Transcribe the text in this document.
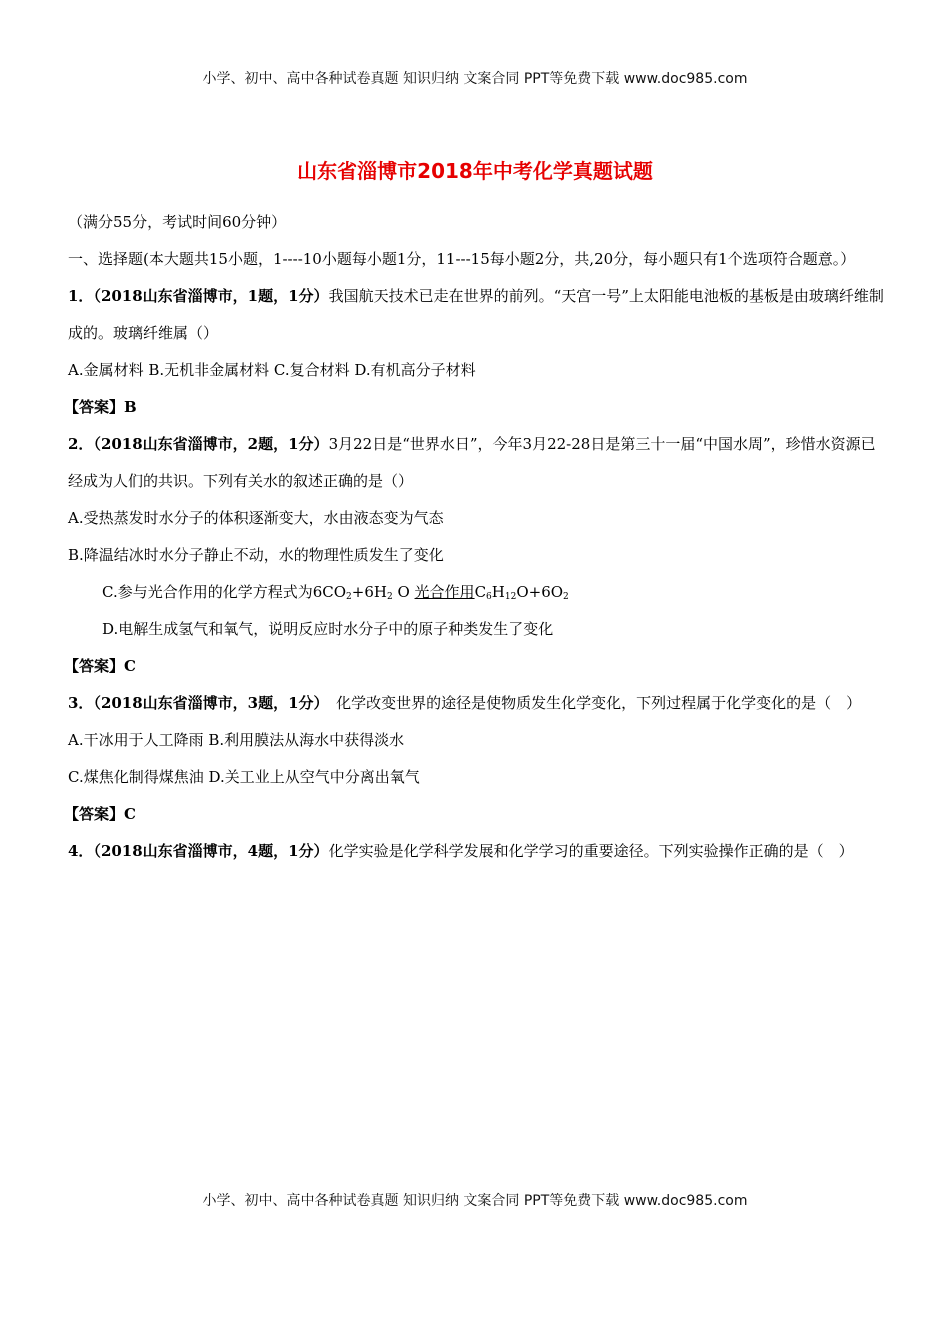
小学、初中、高中各种试卷真题 知识归纳 文案合同 PPT等免费下载 www.doc985.com
山东省淄博市2018年中考化学真题试题
（满分55分，考试时间60分钟）
一、选择题(本大题共15小题，1----10小题每小题1分，11---15每小题2分，共,20分，每小题只有1个选项符合题意。）
1．（2018山东省淄博市，1题，1分）我国航天技术已走在世界的前列。“天宫一号”上太阳能电池板的基板是由玻璃纤维制成的。玻璃纤维属（）
A.金属材料 B.无机非金属材料 C.复合材料 D.有机高分子材料
【答案】B
2．（2018山东省淄博市，2题，1分）3月22日是“世界水日”，今年3月22-28日是第三十一届“中国水周”，珍惜水资源已经成为人们的共识。下列有关水的叙述正确的是（）
A.受热蒸发时水分子的体积逐渐变大，水由液态变为气态
B.降温结冰时水分子静止不动，水的物理性质发生了变化
C.参与光合作用的化学方程式为$6CO_2+6H_2$ O 光合作用$C_6H_{12}O+6O_2$
D.电解生成氢气和氧气，说明反应时水分子中的原子种类发生了变化
【答案】C
3．（2018山东省淄博市，3题，1分）　化学改变世界的途径是使物质发生化学变化，下列过程属于化学变化的是（　）
A.干冰用于人工降雨 B.利用膜法从海水中获得淡水
C.煤焦化制得煤焦油 D.关工业上从空气中分离出氧气
【答案】C
4．（2018山东省淄博市，4题，1分）化学实验是化学科学发展和化学学习的重要途径。下列实验操作正确的是（　）
小学、初中、高中各种试卷真题 知识归纳 文案合同 PPT等免费下载 www.doc985.com
